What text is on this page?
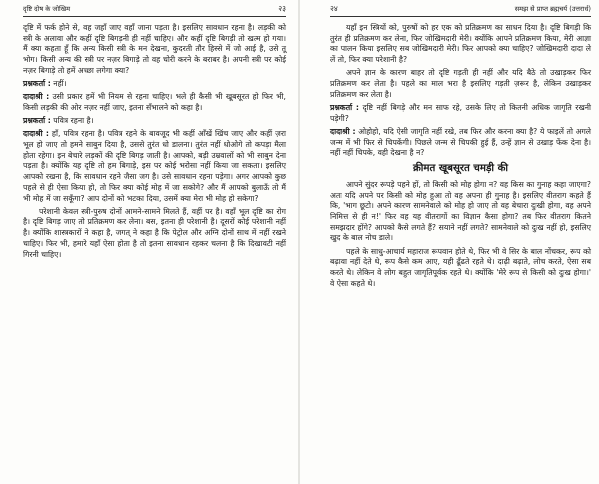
दृष्टि दोष के जोखिम	२३

दृष्टि में फर्क होने से, वह जहाँ जाए वहाँ जाना पड़ता है। इसलिए सावधान रहना है। लड़की को स्त्री के अलावा और कहीं दृष्टि बिगड़नी ही नहीं चाहिए। और कहीं दृष्टि बिगड़ी तो खत्म हो गया। मैं क्या कहता हूँ कि अन्य किसी स्त्री के मन देखना, कुदरती तौर हिस्से में जो आई है, उसे तू भोग। किसी अन्य की स्त्री पर नज़र बिगाड़े तो वह चोरी करने के बराबर है। अपनी स्त्री पर कोई नज़र बिगाड़े तो हमें अच्छा लगेगा क्या?

प्रश्नकर्ता : नहीं।

दादाश्री : उसी प्रकार हमें भी नियम से रहना चाहिए। भले ही कैसी भी खूबसूरत हो फिर भी, किसी लड़की की ओर नज़र नहीं जाए, इतना सँभालने को कहा है।

प्रश्नकर्ता : पवित्र रहना है।

दादाश्री : हाँ, पवित्र रहना है। पवित्र रहने के बावजूद भी कहीं आँखें खिंच जाए और कहीं ज़रा भूल हो जाए तो हमने साबुन दिया है, उससे तुरंत धो डालना। तुरंत नहीं धोओगे तो कपड़ा मैला होता रहेगा। इन बेचारे लड़कों की दृष्टि बिगड़ जाती है। आपको, बड़ी उम्रवालों को भी साबुन देना पड़ता है। क्योंकि यह दृष्टि तो हम बिगाड़े, इस पर कोई भरोसा नहीं किया जा सकता। इसलिए आपको रखना है, कि सावधान रहने जैसा जग है। उसे सावधान रहना पड़ेगा। अगर आपको कुछ पहले से ही ऐसा किया हो, तो फिर क्या कोई मोह में जा सकोगे? और मैं आपको बुलाऊँ तो मैं भी मोह में जा सकूँगा? आप दोनों को भटका दिया, उसमें क्या मेरा भी मोह हो सकेगा?

परेशानी केवल स्त्री-पुरुष दोनों आमने-सामने मिलते हैं, वहीं पर है। वहाँ भूल दृष्टि का रोग है। दृष्टि बिगड़ जाए तो प्रतिक्रमण कर लेना। बस, इतना ही परेशानी है। दूसरों कोई परेशानी नहीं है। क्योंकि शास्त्रकारों ने कहा है, जगत् ने कहा है कि पेट्रोल और अग्नि दोनों साथ में नहीं रखने चाहिए। फिर भी, हमारे यहाँ ऐसा होता है तो इतना सावधान रहकर चलना है कि दिखावटी नहीं गिरनी चाहिए।

२४	समझ से प्राप्त ब्रह्मचर्य (उत्तरार्ध)

यहाँ इन स्त्रियों को, पुरुषों को हर एक को प्रतिक्रमण का साधन दिया है। दृष्टि बिगड़ी कि तुरंत ही प्रतिक्रमण कर लेना, फिर जोखिमदारी मेरी। क्योंकि आपने प्रतिक्रमण किया, मेरी आज्ञा का पालन किया इसलिए सब जोखिमदारी मेरी। फिर आपको क्या चाहिए? जोखिमदारी दादा ले लें तो, फिर क्या परेशानी है?

अपने ज्ञान के कारण बाहर तो दृष्टि गड़ती ही नहीं और यदि बैठे तो उखाड़कर फिर प्रतिक्रमण कर लेता है। पहले का माल भरा है इसलिए गड़ती ज़रूर है, लेकिन उखाड़कर प्रतिक्रमण कर लेता है।

प्रश्नकर्ता : दृष्टि नहीं बिगड़े और मन साफ रहे, उसके लिए तो कितनी अधिक जागृति रखनी पड़ेगी?

दादाश्री : ओहोहो, यदि ऐसी जागृति नहीं रखे, तब फिर और करना क्या है? ये फाइलें तो अगले जन्म में भी फिर से चिपकेंगी। पिछले जन्म से चिपकी हुई हैं, उन्हें ज्ञान से उखाड़ फेंक देना है। नहीं नहीं चिपके, वही देखना है न?

क्रीमत खूबसूरत चमड़ी की

आपने सुंदर रूपड़े पहने हों, तो किसी को मोह होगा न? वह किस का गुनाह कहा जाएगा? अतः यदि अपने पर किसी को मोह हुआ तो वह अपना ही गुनाह है। इसलिए वीतराग कहते हैं कि, 'भाग छूटो। अपने कारण सामनेवाले को मोह हो जाए तो वह बेचारा दुःखी होगा, वह अपने निमित्त से ही न!' फिर वह यह वीतरागों का विज्ञान कैसा होगा? तब फिर वीतराग कितने समझदार होंगे? आपको कैसे लगते हैं? सयाने नहीं लगते? सामनेवाले को दुःख नहीं हो, इसलिए खुद के बाल नोच डाले।

पहले के साधु-आचार्य महाराज रूपवान होते थे, फिर भी वे सिर के बाल नोंचकर, रूप को बढ़ावा नहीं देते थे, रूप कैसे कम आए, यही ढूँढते रहते थे। दाढ़ी बढ़ाते, लोच करते, ऐसा सब करते थे। लेकिन वे लोग बहुत जागृतिपूर्वक रहते थे। क्योंकि 'मेरे रूप से किसी को दुःख होगा।' वे ऐसा कहते थे।
